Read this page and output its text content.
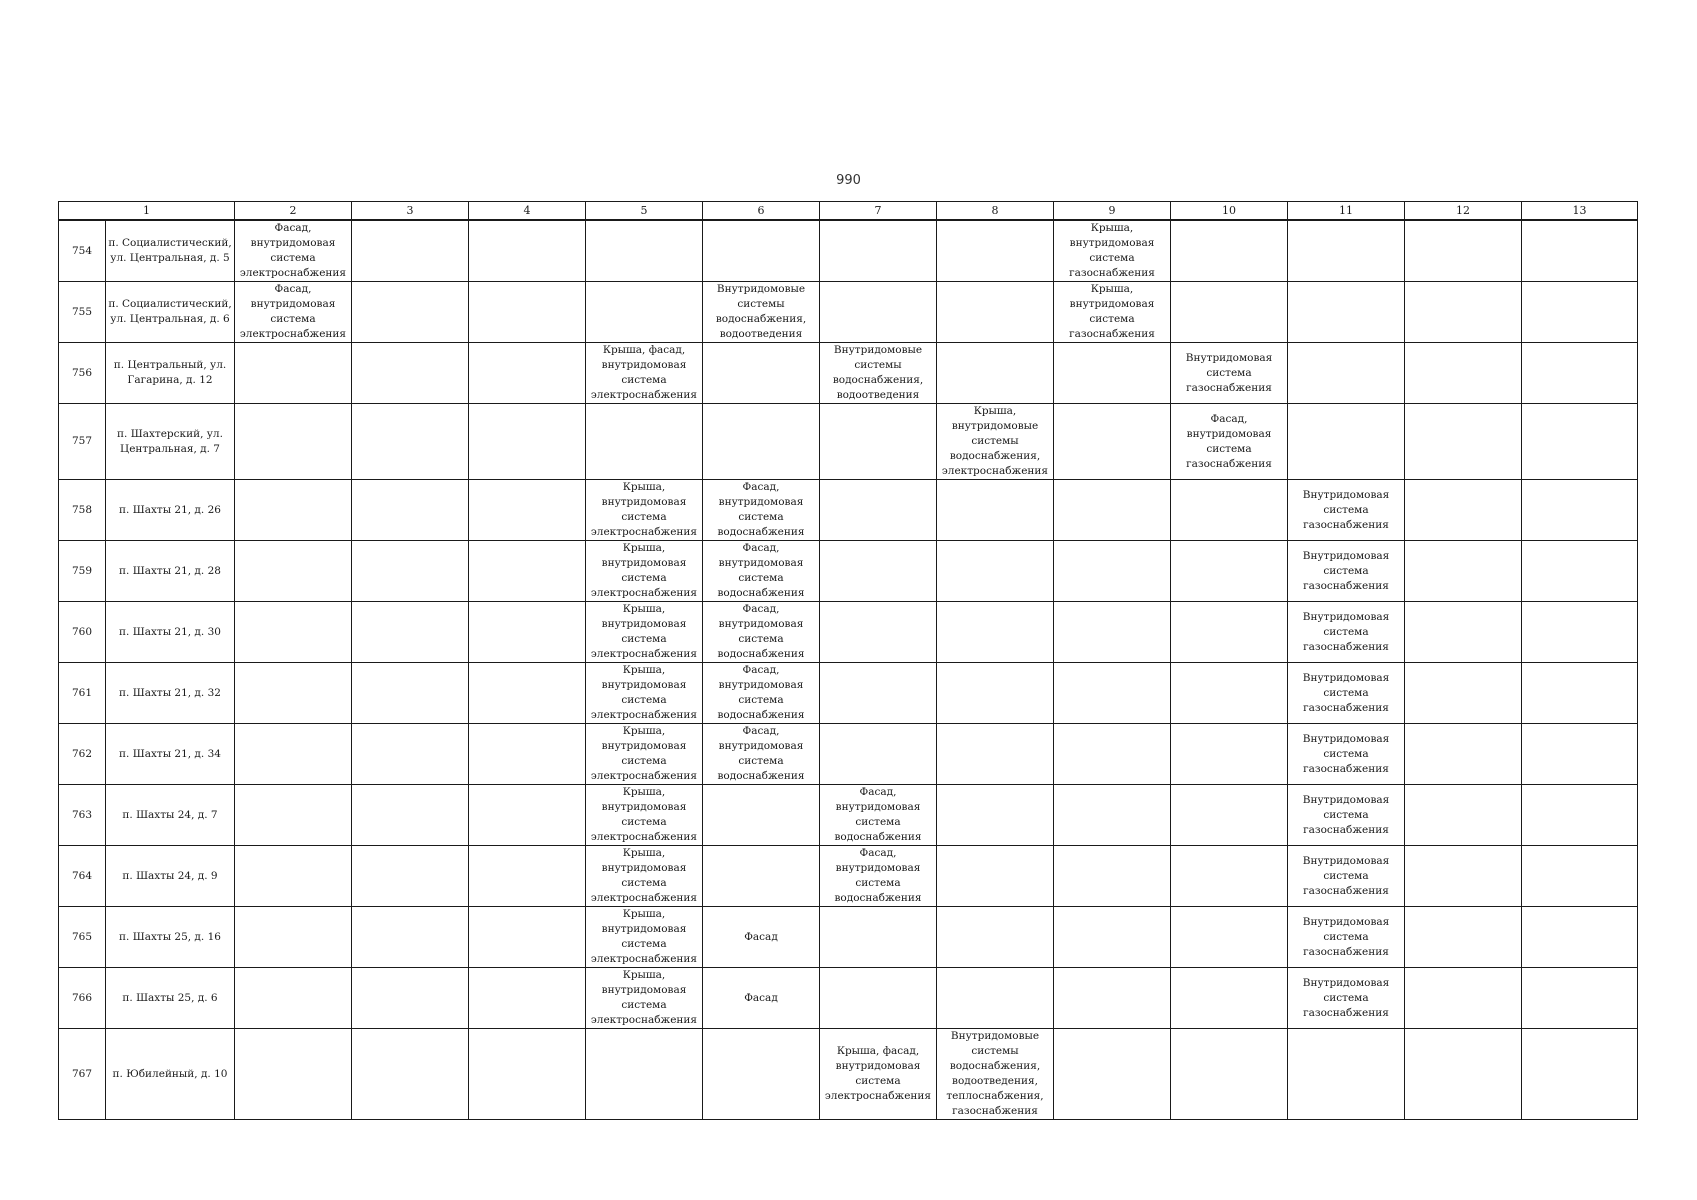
990
1		2	3	4	5	6	7	8	9	10	11	12	13
754	п. Социалистический, ул. Центральная, д. 5	Фасад, внутридомовая система электроснабжения							Крыша, внутридомовая система газоснабжения				
755	п. Социалистический, ул. Центральная, д. 6	Фасад, внутридомовая система электроснабжения				Внутридомовые системы водоснабжения, водоотведения			Крыша, внутридомовая система газоснабжения				
756	п. Центральный, ул. Гагарина, д. 12				Крыша, фасад, внутридомовая система электроснабжения		Внутридомовые системы водоснабжения, водоотведения			Внутридомовая система газоснабжения			
757	п. Шахтерский, ул. Центральная, д. 7							Крыша, внутридомовые системы водоснабжения, электроснабжения		Фасад, внутридомовая система газоснабжения			
758	п. Шахты 21, д. 26				Крыша, внутридомовая система электроснабжения	Фасад, внутридомовая система водоснабжения					Внутридомовая система газоснабжения		
759	п. Шахты 21, д. 28				Крыша, внутридомовая система электроснабжения	Фасад, внутридомовая система водоснабжения					Внутридомовая система газоснабжения		
760	п. Шахты 21, д. 30				Крыша, внутридомовая система электроснабжения	Фасад, внутридомовая система водоснабжения					Внутридомовая система газоснабжения		
761	п. Шахты 21, д. 32				Крыша, внутридомовая система электроснабжения	Фасад, внутридомовая система водоснабжения					Внутридомовая система газоснабжения		
762	п. Шахты 21, д. 34				Крыша, внутридомовая система электроснабжения	Фасад, внутридомовая система водоснабжения					Внутридомовая система газоснабжения		
763	п. Шахты 24, д. 7				Крыша, внутридомовая система электроснабжения		Фасад, внутридомовая система водоснабжения				Внутридомовая система газоснабжения		
764	п. Шахты 24, д. 9				Крыша, внутридомовая система электроснабжения		Фасад, внутридомовая система водоснабжения				Внутридомовая система газоснабжения		
765	п. Шахты 25, д. 16				Крыша, внутридомовая система электроснабжения	Фасад					Внутридомовая система газоснабжения		
766	п. Шахты 25, д. 6				Крыша, внутридомовая система электроснабжения	Фасад					Внутридомовая система газоснабжения		
767	п. Юбилейный, д. 10						Крыша, фасад, внутридомовая система электроснабжения	Внутридомовые системы водоснабжения, водоотведения, теплоснабжения, газоснабжения					
